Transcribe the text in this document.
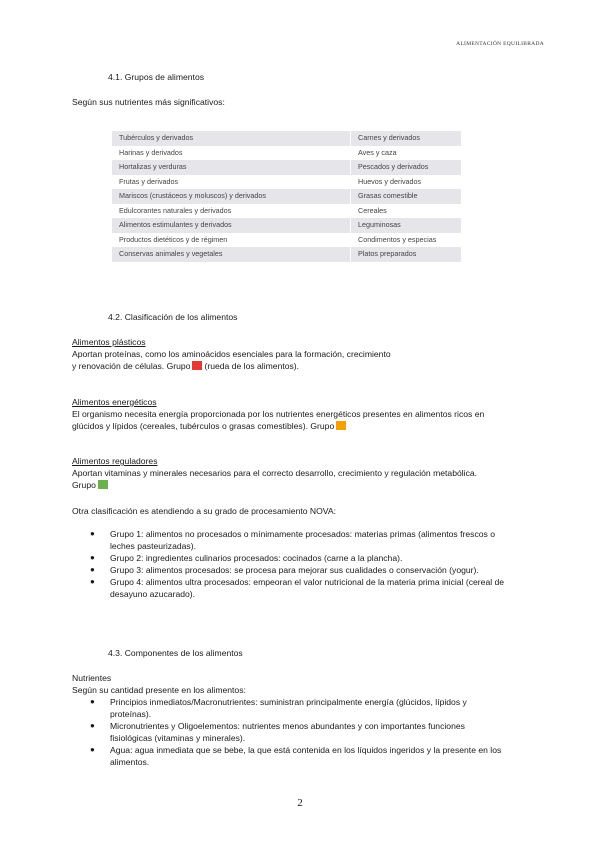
ALIMENTACIÓN EQUILIBRADA
4.1. Grupos de alimentos
Según sus nutrientes más significativos:
Tubérculos y derivados	Carnes y derivados
Harinas y derivados	Aves y caza
Hortalizas y verduras	Pescados y derivados
Frutas y derivados	Huevos y derivados
Mariscos (crustáceos y moluscos) y derivados	Grasas comestible
Edulcorantes naturales y derivados	Cereales
Alimentos estimulantes y derivados	Leguminosas
Productos dietéticos y de régimen	Condimentos y especias
Conservas animales y vegetales	Platos preparados
4.2. Clasificación de los alimentos
Alimentos plásticos
Aportan proteínas, como los aminoácidos esenciales para la formación, crecimiento
y renovación de células. Grupo (rueda de los alimentos).
Alimentos energéticos
El organismo necesita energía proporcionada por los nutrientes energéticos presentes en alimentos ricos en
glúcidos y lípidos (cereales, tubérculos o grasas comestibles). Grupo
Alimentos reguladores
Aportan vitaminas y minerales necesarios para el correcto desarrollo, crecimiento y regulación metabólica.
Grupo
Otra clasificación es atendiendo a su grado de procesamiento NOVA:
● Grupo 1: alimentos no procesados o mínimamente procesados: materias primas (alimentos frescos o
leches pasteurizadas).
● Grupo 2: ingredientes culinarios procesados: cocinados (carne a la plancha).
● Grupo 3: alimentos procesados: se procesa para mejorar sus cualidades o conservación (yogur).
● Grupo 4: alimentos ultra procesados: empeoran el valor nutricional de la materia prima inicial (cereal de
desayuno azucarado).
4.3. Componentes de los alimentos
Nutrientes
Según su cantidad presente en los alimentos:
● Principios inmediatos/Macronutrientes: suministran principalmente energía (glúcidos, lípidos y
proteínas).
● Micronutrientes y Oligoelementos: nutrientes menos abundantes y con importantes funciones
fisiológicas (vitaminas y minerales).
● Agua: agua inmediata que se bebe, la que está contenida en los líquidos ingeridos y la presente en los
alimentos.
2
